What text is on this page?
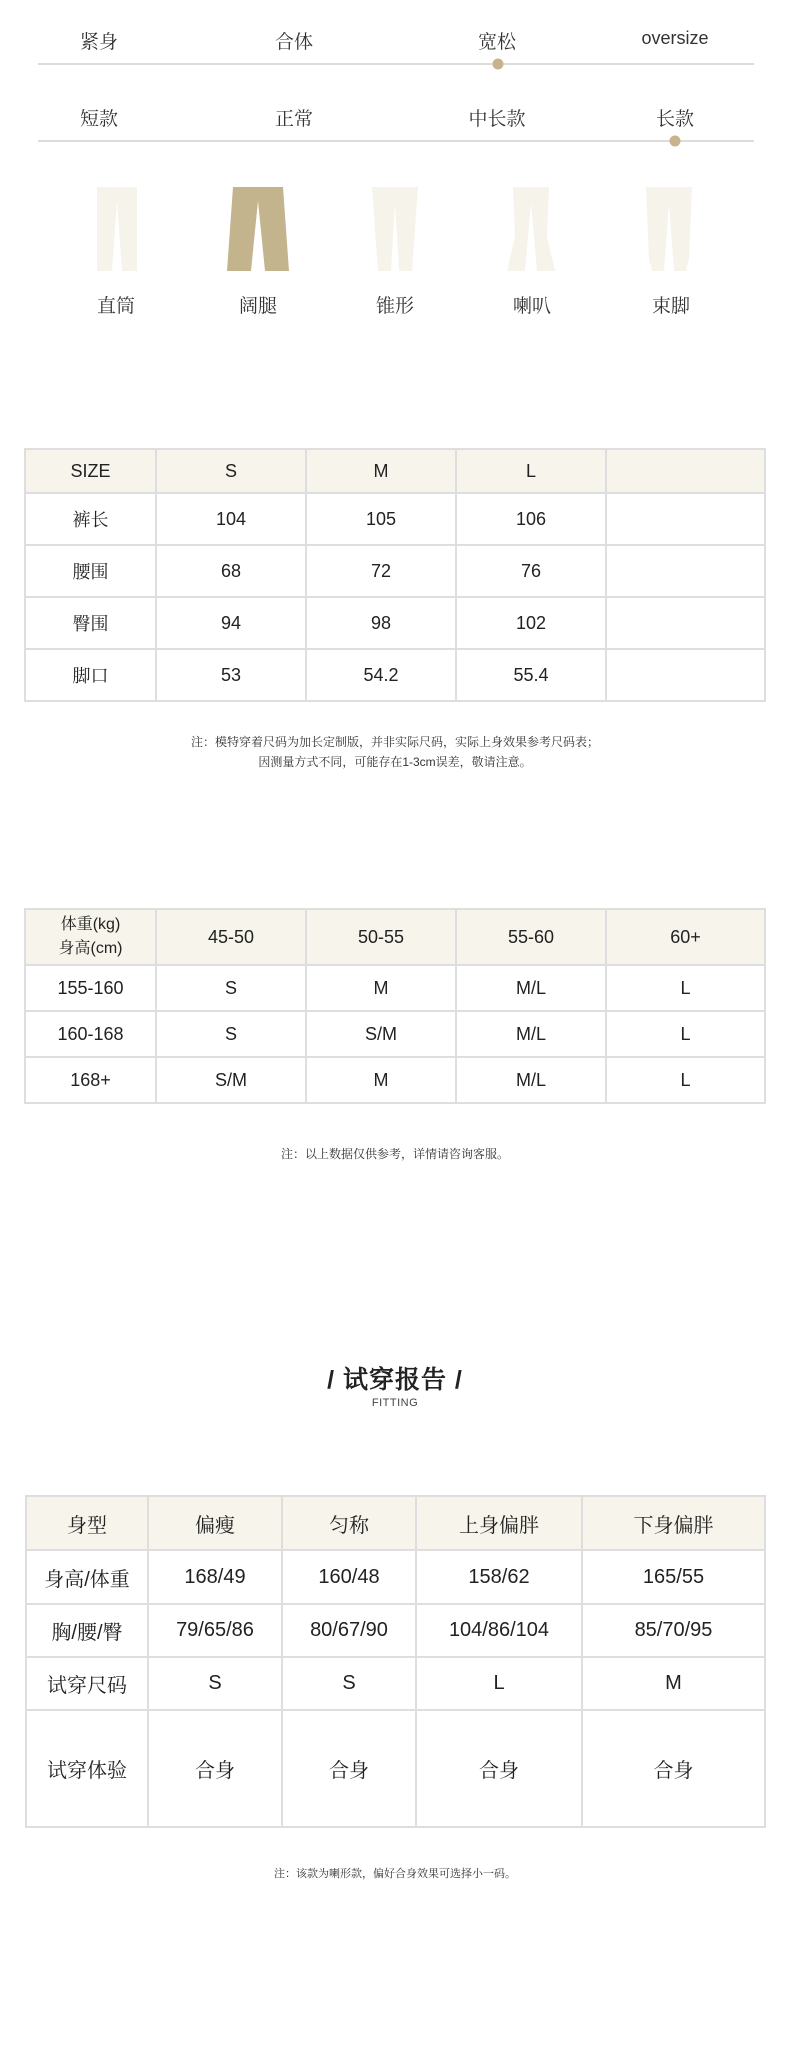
紧身	合体	宽松	oversize
短款	正常	中长款	长款
直筒	阔腿	锥形	喇叭	束脚
SIZE	S	M	L	
裤长	104	105	106	
腰围	68	72	76	
臀围	94	98	102	
脚口	53	54.2	55.4	
注：模特穿着尺码为加长定制版，并非实际尺码，实际上身效果参考尺码表；
因测量方式不同，可能存在1-3cm误差，敬请注意。
体重(kg)
身高(cm)	45-50	50-55	55-60	60+
155-160	S	M	M/L	L
160-168	S	S/M	M/L	L
168+	S/M	M	M/L	L
注：以上数据仅供参考，详情请咨询客服。
/ 试穿报告 /
FITTING
身型	偏瘦	匀称	上身偏胖	下身偏胖
身高/体重	168/49	160/48	158/62	165/55
胸/腰/臀	79/65/86	80/67/90	104/86/104	85/70/95
试穿尺码	S	S	L	M
试穿体验	合身	合身	合身	合身
注：该款为喇形款，偏好合身效果可选择小一码。
